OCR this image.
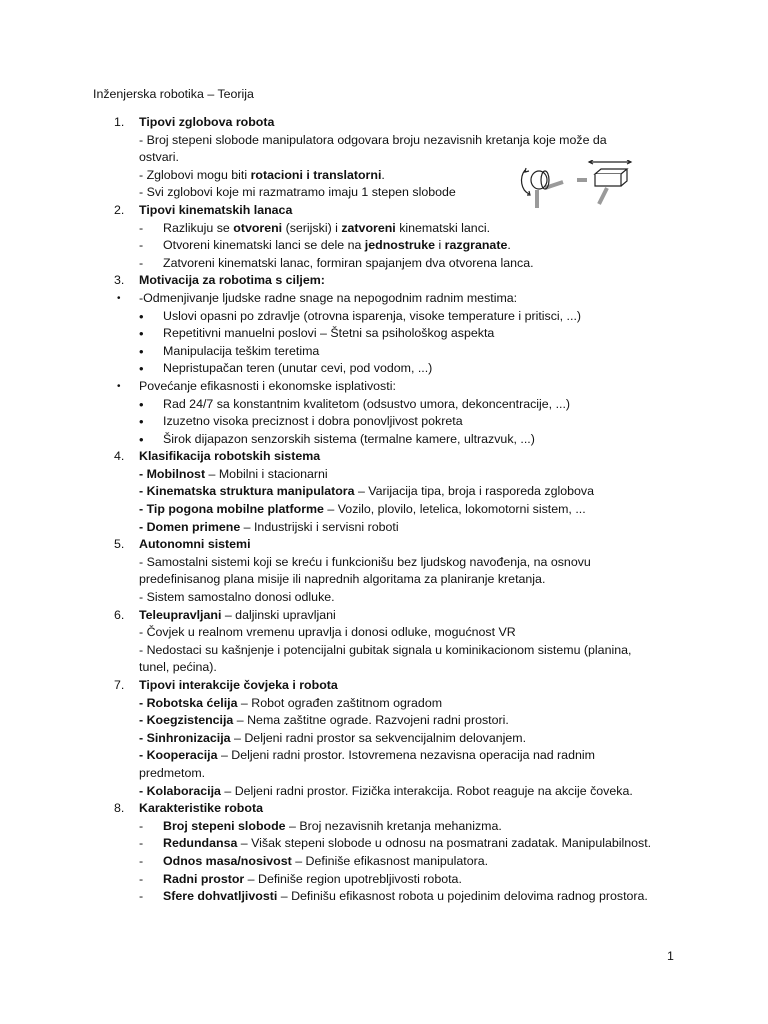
Inženjerska robotika – Teorija
1.	Tipovi zglobova robota
- Broj stepeni slobode manipulatora odgovara broju nezavisnih kretanja koje može da
ostvari.
- Zglobovi mogu biti rotacioni i translatorni.
- Svi zglobovi koje mi razmatramo imaju 1 stepen slobode
2.	Tipovi kinematskih lanaca
- Razlikuju se otvoreni (serijski) i zatvoreni kinematski lanci.
- Otvoreni kinematski lanci se dele na jednostruke i razgranate.
- Zatvoreni kinematski lanac, formiran spajanjem dva otvorena lanca.
3.	Motivacija za robotima s ciljem:
• -Odmenjivanje ljudske radne snage na nepogodnim radnim mestima:
• Uslovi opasni po zdravlje (otrovna isparenja, visoke temperature i pritisci, ...)
• Repetitivni manuelni poslovi – Štetni sa psihološkog aspekta
• Manipulacija teškim teretima
• Nepristupačan teren (unutar cevi, pod vodom, ...)
• Povećanje efikasnosti i ekonomske isplativosti:
• Rad 24/7 sa konstantnim kvalitetom (odsustvo umora, dekoncentracije, ...)
• Izuzetno visoka preciznost i dobra ponovljivost pokreta
• Širok dijapazon senzorskih sistema (termalne kamere, ultrazvuk, ...)
4.	Klasifikacija robotskih sistema
- Mobilnost – Mobilni i stacionarni
- Kinematska struktura manipulatora – Varijacija tipa, broja i rasporeda zglobova
- Tip pogona mobilne platforme – Vozilo, plovilo, letelica, lokomotorni sistem, ...
- Domen primene – Industrijski i servisni roboti
5.	Autonomni sistemi
- Samostalni sistemi koji se kreću i funkcionišu bez ljudskog navođenja, na osnovu
predefinisanog plana misije ili naprednih algoritama za planiranje kretanja.
- Sistem samostalno donosi odluke.
6.	Teleupravljani – daljinski upravljani
- Čovjek u realnom vremenu upravlja i donosi odluke, mogućnost VR
- Nedostaci su kašnjenje i potencijalni gubitak signala u kominikacionom sistemu (planina,
tunel, pećina).
7.	Tipovi interakcije čovjeka i robota
- Robotska ćelija – Robot ograđen zaštitnom ogradom
- Koegzistencija – Nema zaštitne ograde. Razvojeni radni prostori.
- Sinhronizacija – Deljeni radni prostor sa sekvencijalnim delovanjem.
- Kooperacija – Deljeni radni prostor. Istovremena nezavisna operacija nad radnim
predmetom.
- Kolaboracija – Deljeni radni prostor. Fizička interakcija. Robot reaguje na akcije čoveka.
8.	Karakteristike robota
- Broj stepeni slobode – Broj nezavisnih kretanja mehanizma.
- Redundansa – Višak stepeni slobode u odnosu na posmatrani zadatak. Manipulabilnost.
- Odnos masa/nosivost – Definiše efikasnost manipulatora.
- Radni prostor – Definiše region upotrebljivosti robota.
- Sfere dohvatljivosti – Definišu efikasnost robota u pojedinim delovima radnog prostora.
1
